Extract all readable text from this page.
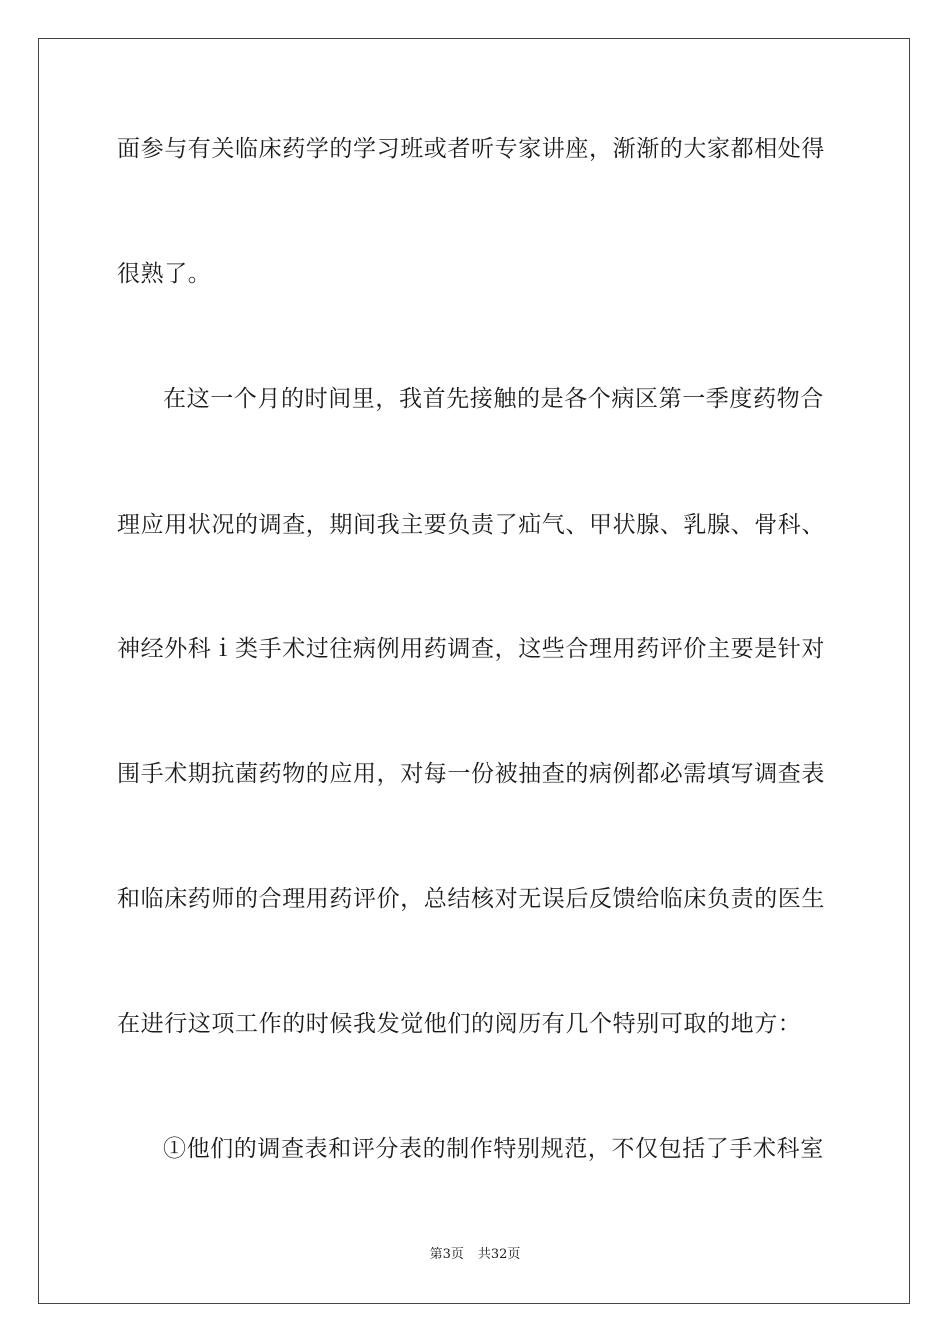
面参与有关临床药学的学习班或者听专家讲座，渐渐的大家都相处得
很熟了。
在这一个月的时间里，我首先接触的是各个病区第一季度药物合
理应用状况的调查，期间我主要负责了疝气、甲状腺、乳腺、骨科、
神经外科ｉ类手术过往病例用药调查，这些合理用药评价主要是针对
围手术期抗菌药物的应用，对每一份被抽查的病例都必需填写调查表
和临床药师的合理用药评价，总结核对无误后反馈给临床负责的医生
在进行这项工作的时候我发觉他们的阅历有几个特别可取的地方：
①他们的调查表和评分表的制作特别规范，不仅包括了手术科室
第3页 共32页
